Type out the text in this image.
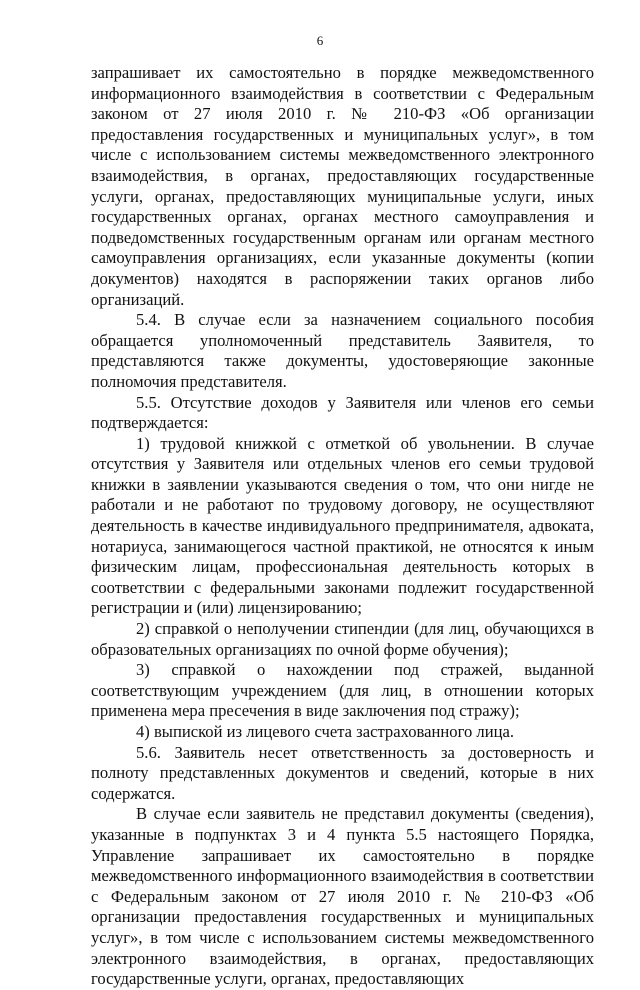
6

запрашивает их самостоятельно в порядке межведомственного информационного взаимодействия в соответствии с Федеральным законом от 27 июля 2010 г. № 210-ФЗ «Об организации предоставления государственных и муниципальных услуг», в том числе с использованием системы межведомственного электронного взаимодействия, в органах, предоставляющих государственные услуги, органах, предоставляющих муниципальные услуги, иных государственных органах, органах местного самоуправления и подведомственных государственным органам или органам местного самоуправления организациях, если указанные документы (копии документов) находятся в распоряжении таких органов либо организаций.

5.4. В случае если за назначением социального пособия обращается уполномоченный представитель Заявителя, то представляются также документы, удостоверяющие законные полномочия представителя.

5.5. Отсутствие доходов у Заявителя или членов его семьи подтверждается:

1) трудовой книжкой с отметкой об увольнении. В случае отсутствия у Заявителя или отдельных членов его семьи трудовой книжки в заявлении указываются сведения о том, что они нигде не работали и не работают по трудовому договору, не осуществляют деятельность в качестве индивидуального предпринимателя, адвоката, нотариуса, занимающегося частной практикой, не относятся к иным физическим лицам, профессиональная деятельность которых в соответствии с федеральными законами подлежит государственной регистрации и (или) лицензированию;

2) справкой о неполучении стипендии (для лиц, обучающихся в образовательных организациях по очной форме обучения);

3) справкой о нахождении под стражей, выданной соответствующим учреждением (для лиц, в отношении которых применена мера пресечения в виде заключения под стражу);

4) выпиской из лицевого счета застрахованного лица.

5.6. Заявитель несет ответственность за достоверность и полноту представленных документов и сведений, которые в них содержатся.

В случае если заявитель не представил документы (сведения), указанные в подпунктах 3 и 4 пункта 5.5 настоящего Порядка, Управление запрашивает их самостоятельно в порядке межведомственного информационного взаимодействия в соответствии с Федеральным законом от 27 июля 2010 г. № 210-ФЗ «Об организации предоставления государственных и муниципальных услуг», в том числе с использованием системы межведомственного электронного взаимодействия, в органах, предоставляющих государственные услуги, органах, предоставляющих
